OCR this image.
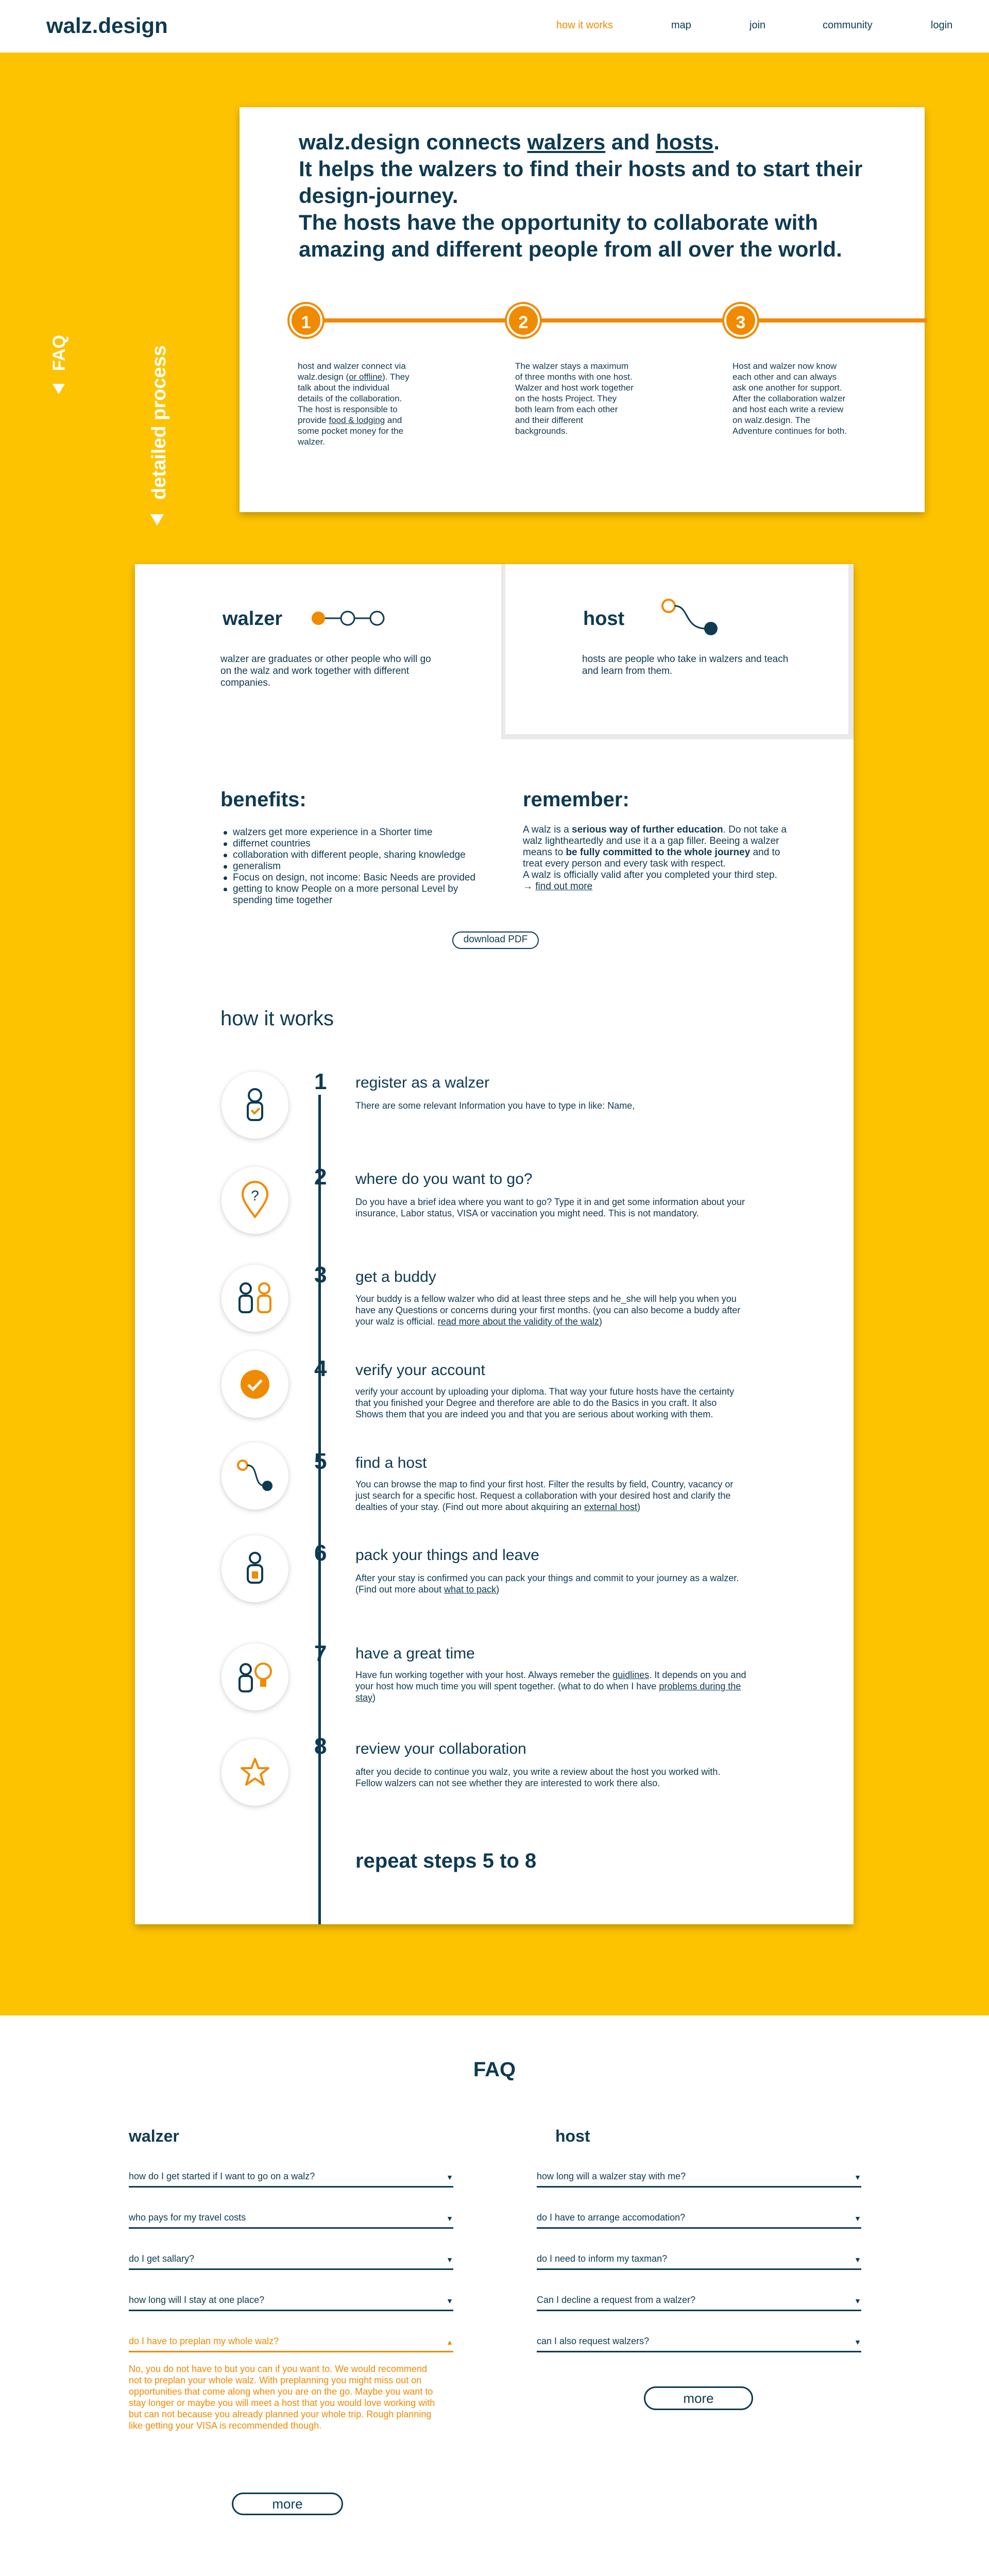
walz.design	how it works	map	join	community	login
FAQ	detailed process
walz.design connects walzers and hosts.
It helps the walzers to find their hosts and to start their design-journey.
The hosts have the opportunity to collaborate with amazing and different people from all over the world.
1	2	3
host and walzer connect via walz.design (or offline). They talk about the individual details of the collaboration. The host is responsible to provide food & lodging and some pocket money for the walzer.
The walzer stays a maximum of three months with one host. Walzer and host work together on the hosts Project. They both learn from each other and their different backgrounds.
Host and walzer now know each other and can always ask one another for support. After the collaboration walzer and host each write a review on walz.design. The Adventure continues for both.
walzer
walzer are graduates or other people who will go on the walz and work together with different companies.
host
hosts are people who take in walzers and teach and learn from them.
benefits:
walzers get more experience in a Shorter time
differnet countries
collaboration with different people, sharing knowledge
generalism
Focus on design, not income: Basic Needs are provided
getting to know People on a more personal Level by spending time together
remember:
A walz is a serious way of further education. Do not take a walz lightheartedly and use it a a gap filler. Beeing a walzer means to be fully committed to the whole journey and to treat every person and every task with respect.
A walz is officially valid after you completed your third step.
→ find out more
download PDF
how it works
1	register as a walzer
There are some relevant Information you have to type in like: Name,
?
2	where do you want to go?
Do you have a brief idea where you want to go? Type it in and get some information about your insurance, Labor status, VISA or vaccination you might need. This is not mandatory.
3	get a buddy
Your buddy is a fellow walzer who did at least three steps and he_she will help you when you have any Questions or concerns during your first months. (you can also become a buddy after your walz is official. read more about the validity of the walz)
4	verify your account
verify your account by uploading your diploma. That way your future hosts have the certainty that you finished your Degree and therefore are able to do the Basics in you craft. It also Shows them that you are indeed you and that you are serious about working with them.
5	find a host
You can browse the map to find your first host. Filter the results by field, Country, vacancy or just search for a specific host. Request a collaboration with your desired host and clarify the dealties of your stay. (Find out more about akquiring an external host)
6	pack your things and leave
After your stay is confirmed you can pack your things and commit to your journey as a walzer. (Find out more about what to pack)
7	have a great time
Have fun working together with your host. Always remeber the guidlines. It depends on you and your host how much time you will spent together. (what to do when I have problems during the stay)
8	review your collaboration
after you decide to continue you walz, you write a review about the host you worked with. Fellow walzers can not see whether they are interested to work there also.
repeat steps 5 to 8
FAQ
walzer
how do I get started if I want to go on a walz?	▼
who pays for my travel costs	▼
do I get sallary?	▼
how long will I stay at one place?	▼
do I have to preplan my whole walz?	▲
No, you do not have to but you can if you want to. We would recommend not to preplan your whole walz. With preplanning you might miss out on opportunities that come along when you are on the go. Maybe you want to stay longer or maybe you will meet a host that you would love working with but can not because you already planned your whole trip. Rough planning like getting your VISA is recommended though.
more
host
how long will a walzer stay with me?	▼
do I have to arrange accomodation?	▼
do I need to inform my taxman?	▼
Can I decline a request from a walzer?	▼
can I also request walzers?	▼
more
